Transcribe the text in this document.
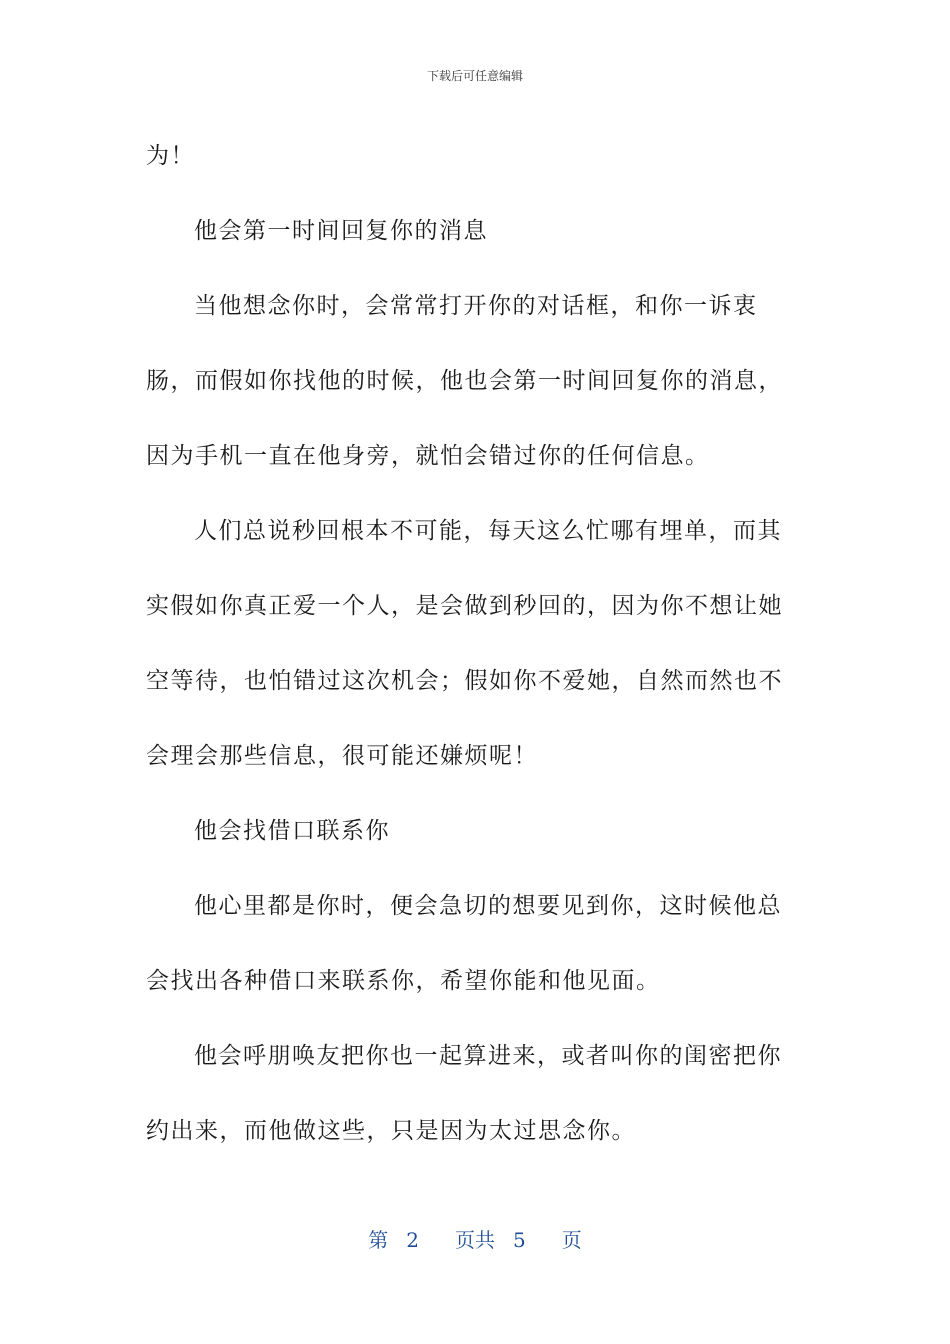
下载后可任意编辑

为！

他会第一时间回复你的消息

当他想念你时，会常常打开你的对话框，和你一诉衷肠，而假如你找他的时候，他也会第一时间回复你的消息，因为手机一直在他身旁，就怕会错过你的任何信息。

人们总说秒回根本不可能，每天这么忙哪有埋单，而其实假如你真正爱一个人，是会做到秒回的，因为你不想让她空等待，也怕错过这次机会；假如你不爱她，自然而然也不会理会那些信息，很可能还嫌烦呢！

他会找借口联系你

他心里都是你时，便会急切的想要见到你，这时候他总会找出各种借口来联系你，希望你能和他见面。

他会呼朋唤友把你也一起算进来，或者叫你的闺密把你约出来，而他做这些，只是因为太过思念你。

第 2 页共 5 页
